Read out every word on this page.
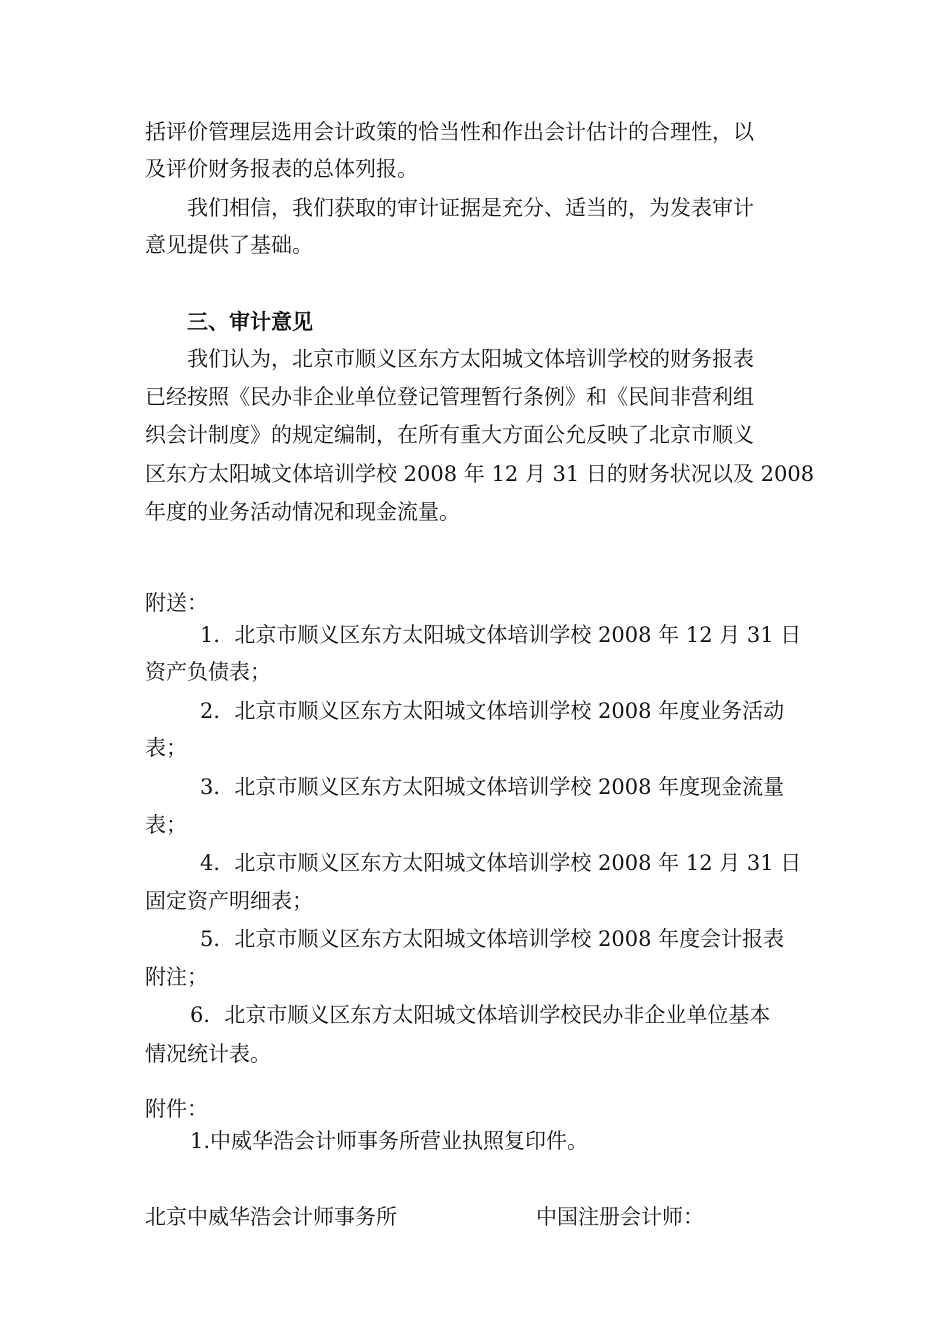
括评价管理层选用会计政策的恰当性和作出会计估计的合理性，以
及评价财务报表的总体列报。
我们相信，我们获取的审计证据是充分、适当的，为发表审计
意见提供了基础。
三、审计意见
我们认为，北京市顺义区东方太阳城文体培训学校的财务报表
已经按照《民办非企业单位登记管理暂行条例》和《民间非营利组
织会计制度》的规定编制，在所有重大方面公允反映了北京市顺义
区东方太阳城文体培训学校 2008 年 12 月 31 日的财务状况以及 2008
年度的业务活动情况和现金流量。
附送：
1．北京市顺义区东方太阳城文体培训学校 2008 年 12 月 31 日
资产负债表；
2．北京市顺义区东方太阳城文体培训学校 2008 年度业务活动
表；
3．北京市顺义区东方太阳城文体培训学校 2008 年度现金流量
表；
4．北京市顺义区东方太阳城文体培训学校 2008 年 12 月 31 日
固定资产明细表；
5．北京市顺义区东方太阳城文体培训学校 2008 年度会计报表
附注；
6．北京市顺义区东方太阳城文体培训学校民办非企业单位基本
情况统计表。
附件：
1.中威华浩会计师事务所营业执照复印件。
北京中威华浩会计师事务所	中国注册会计师：
